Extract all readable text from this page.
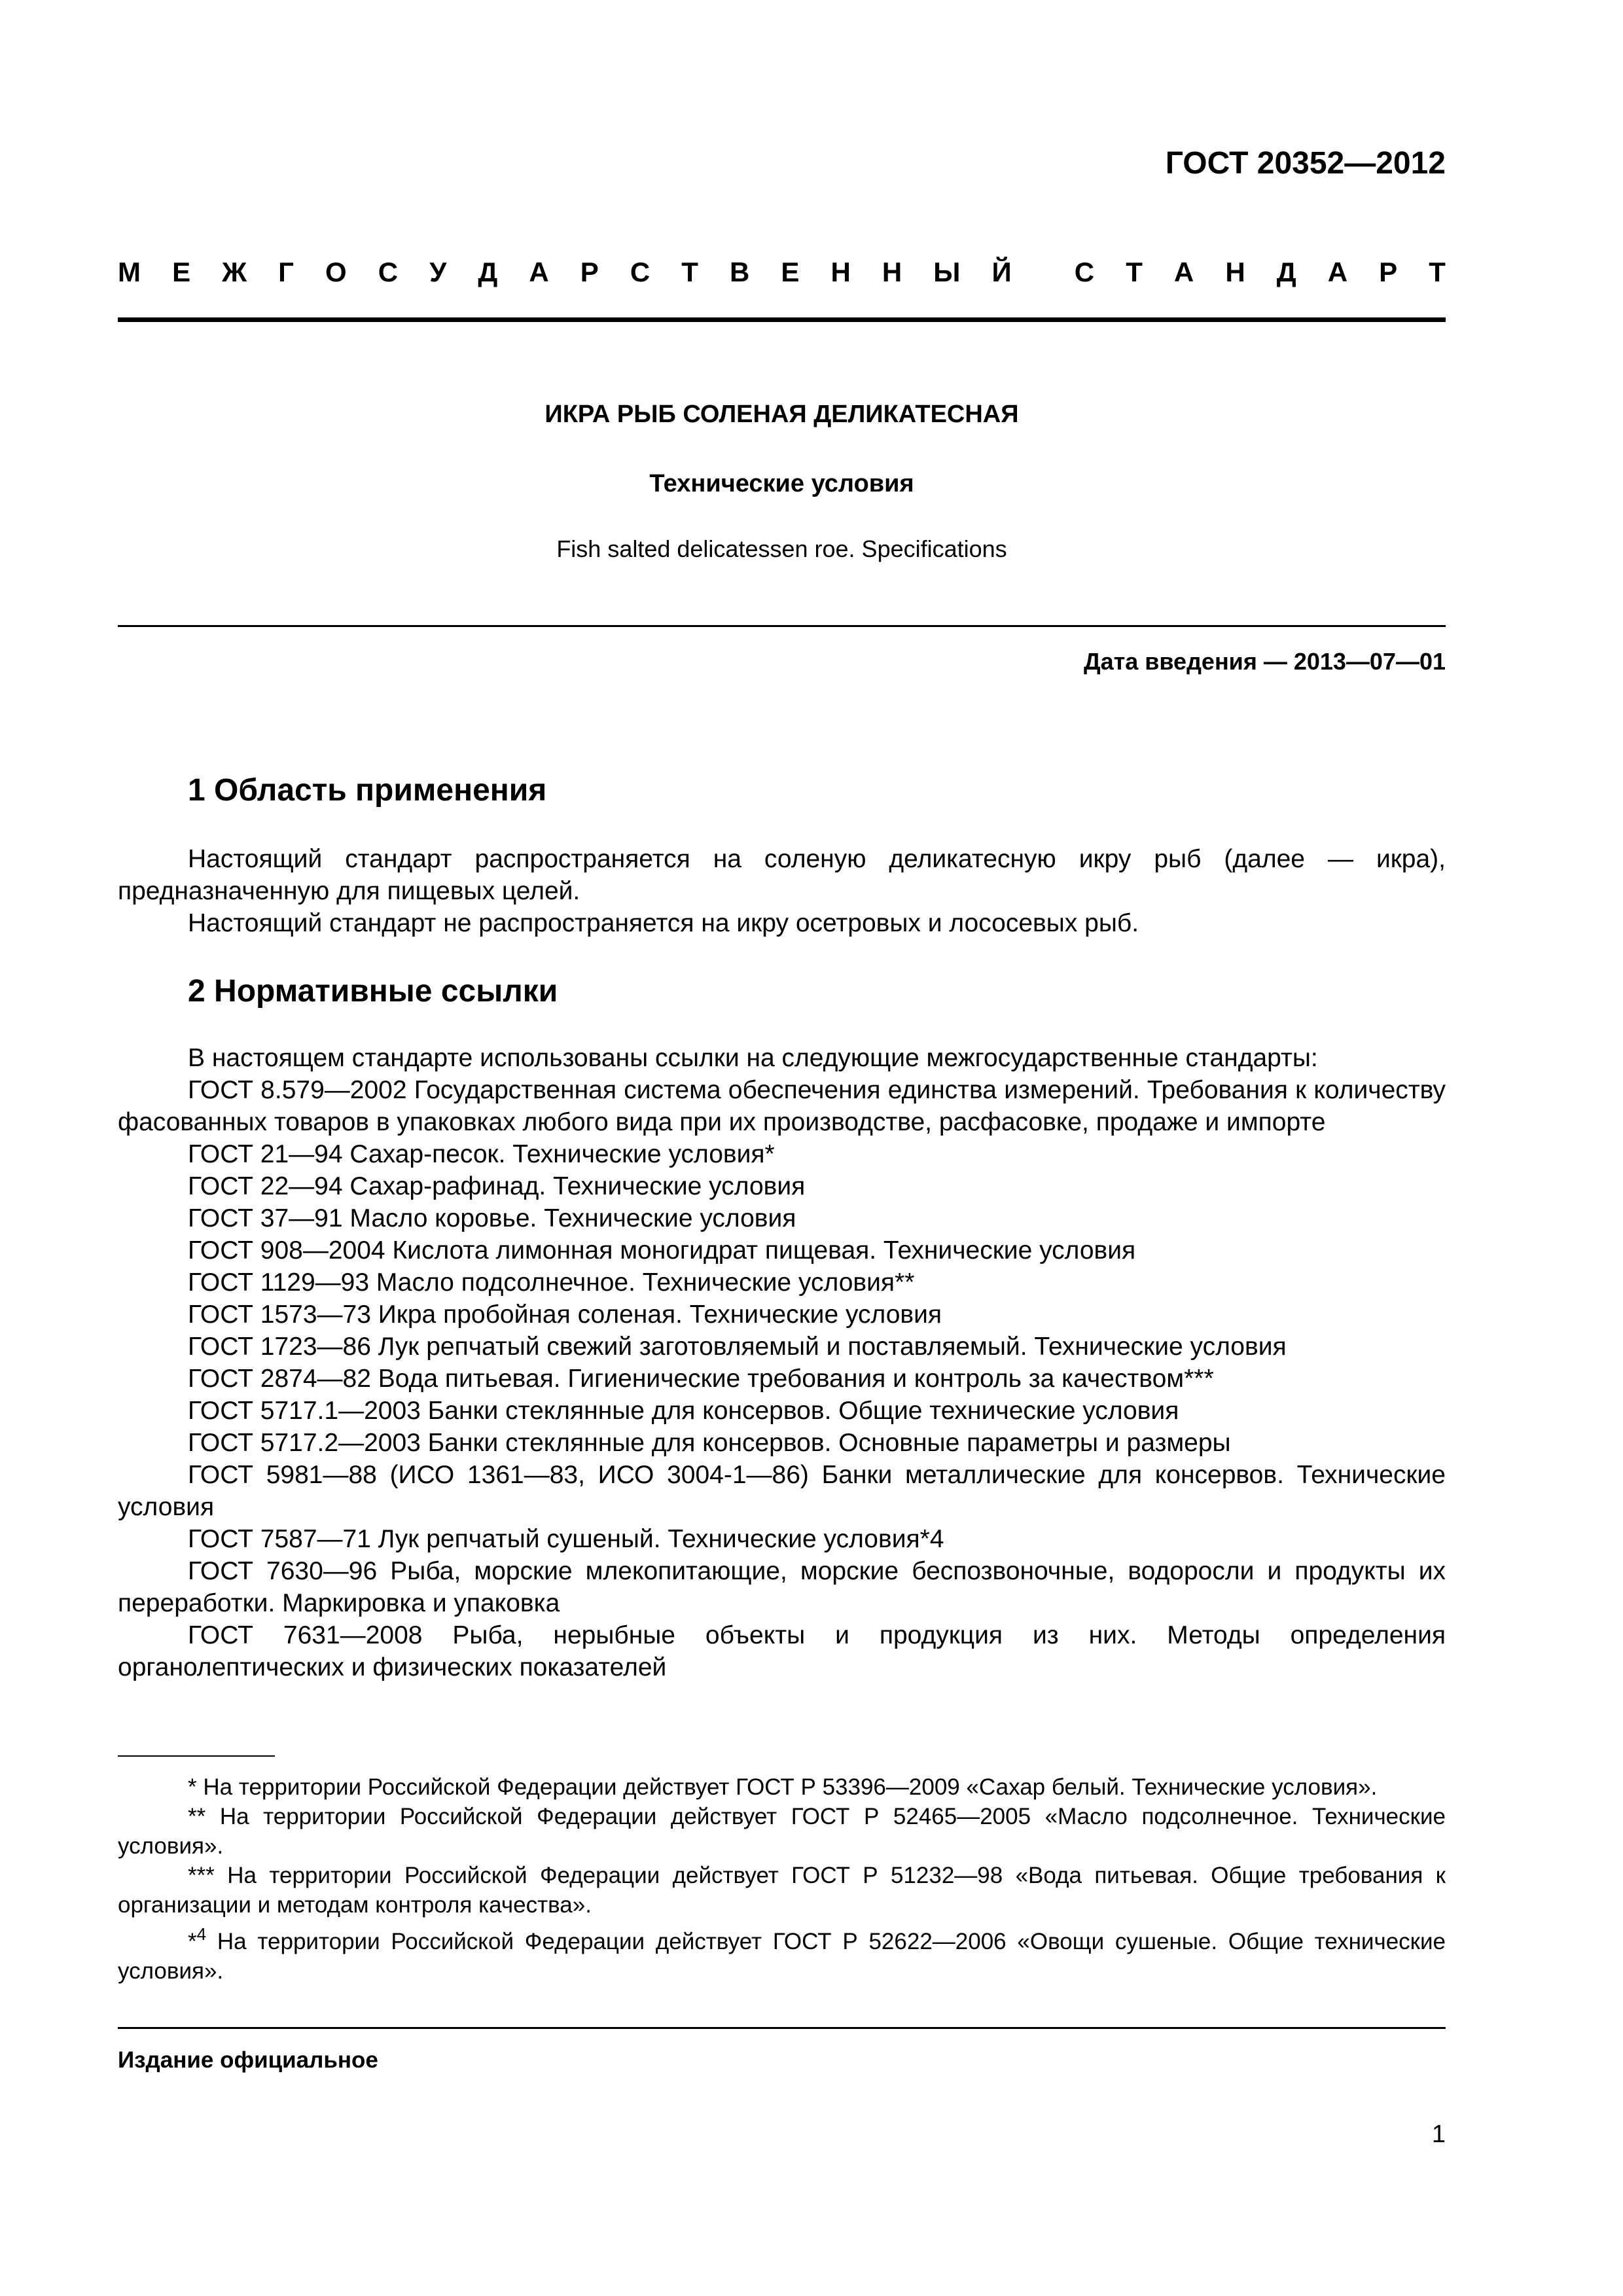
ГОСТ 20352—2012
М Е Ж Г О С У Д А Р С Т В Е Н Н Ы Й С Т А Н Д А Р Т
ИКРА РЫБ СОЛЕНАЯ ДЕЛИКАТЕСНАЯ
Технические условия
Fish salted delicatessen roe. Specifications
Дата введения — 2013—07—01
1 Область применения

Настоящий стандарт распространяется на соленую деликатесную икру рыб (далее — икра), предназначенную для пищевых целей.

Настоящий стандарт не распространяется на икру осетровых и лососевых рыб.

2 Нормативные ссылки

В настоящем стандарте использованы ссылки на следующие межгосударственные стандарты:

ГОСТ 8.579—2002 Государственная система обеспечения единства измерений. Требования к количеству фасованных товаров в упаковках любого вида при их производстве, расфасовке, продаже и импорте

ГОСТ 21—94 Сахар-песок. Технические условия*

ГОСТ 22—94 Сахар-рафинад. Технические условия

ГОСТ 37—91 Масло коровье. Технические условия

ГОСТ 908—2004 Кислота лимонная моногидрат пищевая. Технические условия

ГОСТ 1129—93 Масло подсолнечное. Технические условия**

ГОСТ 1573—73 Икра пробойная соленая. Технические условия

ГОСТ 1723—86 Лук репчатый свежий заготовляемый и поставляемый. Технические условия

ГОСТ 2874—82 Вода питьевая. Гигиенические требования и контроль за качеством***

ГОСТ 5717.1—2003 Банки стеклянные для консервов. Общие технические условия

ГОСТ 5717.2—2003 Банки стеклянные для консервов. Основные параметры и размеры

ГОСТ 5981—88 (ИСО 1361—83, ИСО 3004-1—86) Банки металлические для консервов. Технические условия

ГОСТ 7587—71 Лук репчатый сушеный. Технические условия*4

ГОСТ 7630—96 Рыба, морские млекопитающие, морские беспозвоночные, водоросли и продукты их переработки. Маркировка и упаковка

ГОСТ 7631—2008 Рыба, нерыбные объекты и продукция из них. Методы определения органолептических и физических показателей

* На территории Российской Федерации действует ГОСТ Р 53396—2009 «Сахар белый. Технические условия».

** На территории Российской Федерации действует ГОСТ Р 52465—2005 «Масло подсолнечное. Технические условия».

*** На территории Российской Федерации действует ГОСТ Р 51232—98 «Вода питьевая. Общие требования к организации и методам контроля качества».

*$^4$ На территории Российской Федерации действует ГОСТ Р 52622—2006 «Овощи сушеные. Общие технические условия».

Издание официальное
1
